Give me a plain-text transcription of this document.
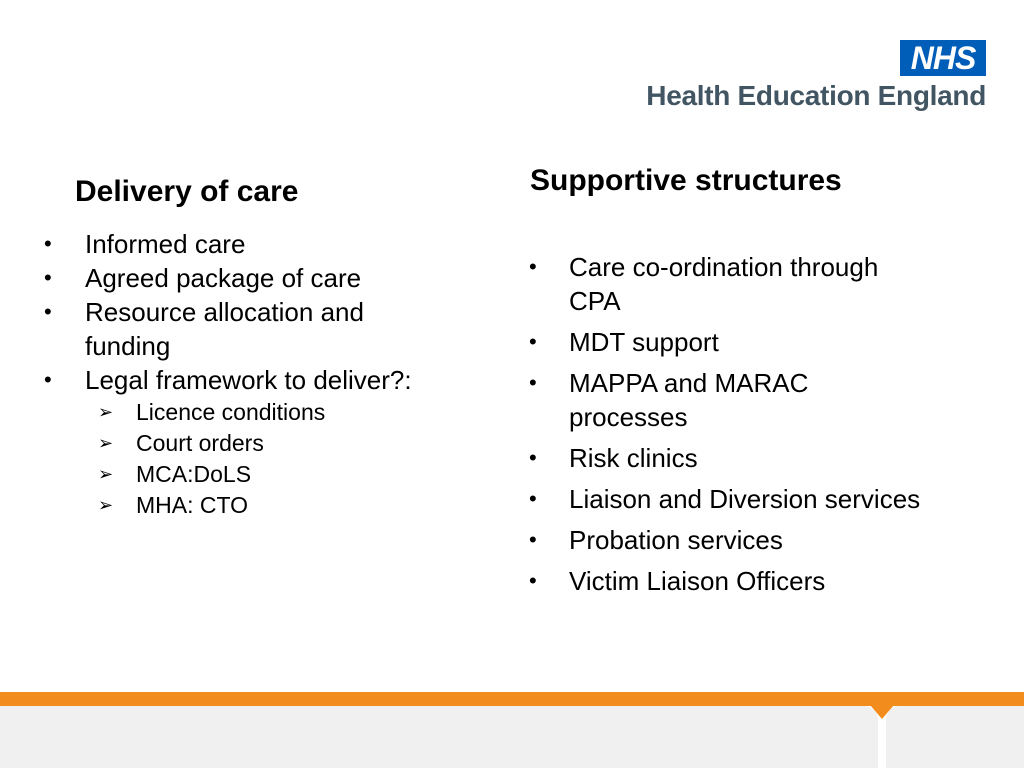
NHS
Health Education England
Delivery of care
• Informed care
• Agreed package of care
• Resource allocation and funding
• Legal framework to deliver?:
➢ Licence conditions
➢ Court orders
➢ MCA:DoLS
➢ MHA: CTO
Supportive structures
• Care co-ordination through CPA
• MDT support
• MAPPA and MARAC processes
• Risk clinics
• Liaison and Diversion services
• Probation services
• Victim Liaison Officers
